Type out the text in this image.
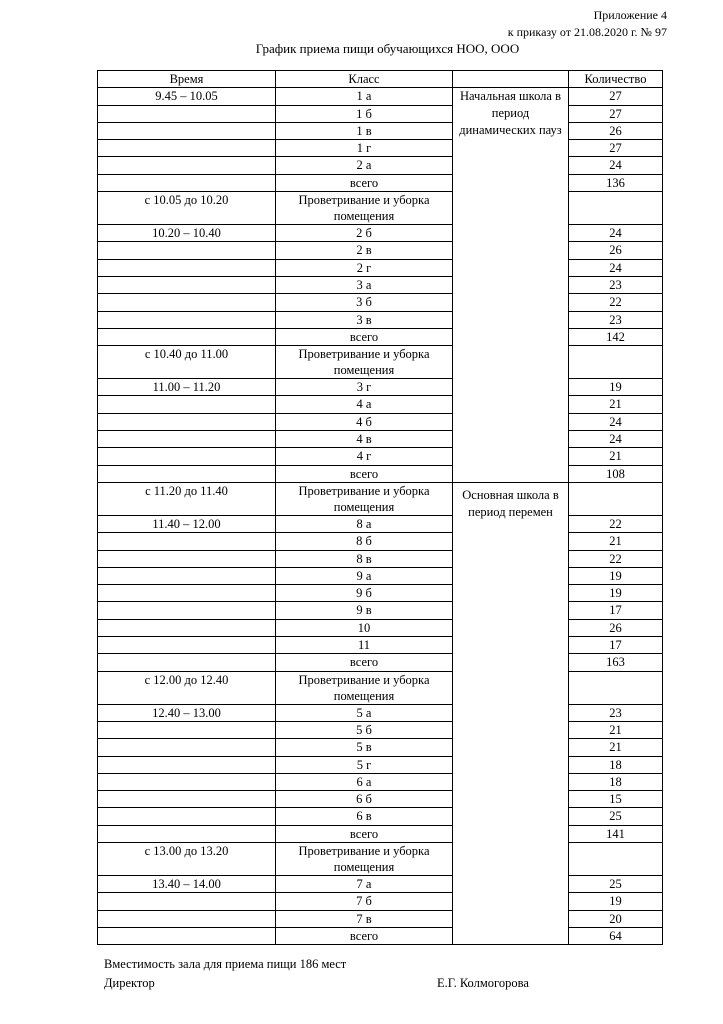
Приложение 4
к приказу от 21.08.2020 г. № 97
График приема пищи обучающихся НОО, ООО
Время	Класс		Количество
9.45 – 10.05	1 а	Начальная школа в период динамических пауз	27
	1 б		27
	1 в		26
	1 г		27
	2 а		24
	всего		136
с 10.05 до 10.20	Проветривание и уборка помещения		
10.20 – 10.40	2 б		24
	2 в		26
	2 г		24
	3 а		23
	3 б		22
	3 в		23
	всего		142
с 10.40 до 11.00	Проветривание и уборка помещения		
11.00 – 11.20	3 г		19
	4 а		21
	4 б		24
	4 в		24
	4 г		21
	всего		108
с 11.20 до 11.40	Проветривание и уборка помещения	Основная школа в период перемен	
11.40 – 12.00	8 а		22
	8 б		21
	8 в		22
	9 а		19
	9 б		19
	9 в		17
	10		26
	11		17
	всего		163
с 12.00 до 12.40	Проветривание и уборка помещения		
12.40 – 13.00	5 а		23
	5 б		21
	5 в		21
	5 г		18
	6 а		18
	6 б		15
	6 в		25
	всего		141
с 13.00 до 13.20	Проветривание и уборка помещения		
13.40 – 14.00	7 а		25
	7 б		19
	7 в		20
	всего		64
Вместимость зала для приема пищи 186 мест
Директор	Е.Г. Колмогорова
